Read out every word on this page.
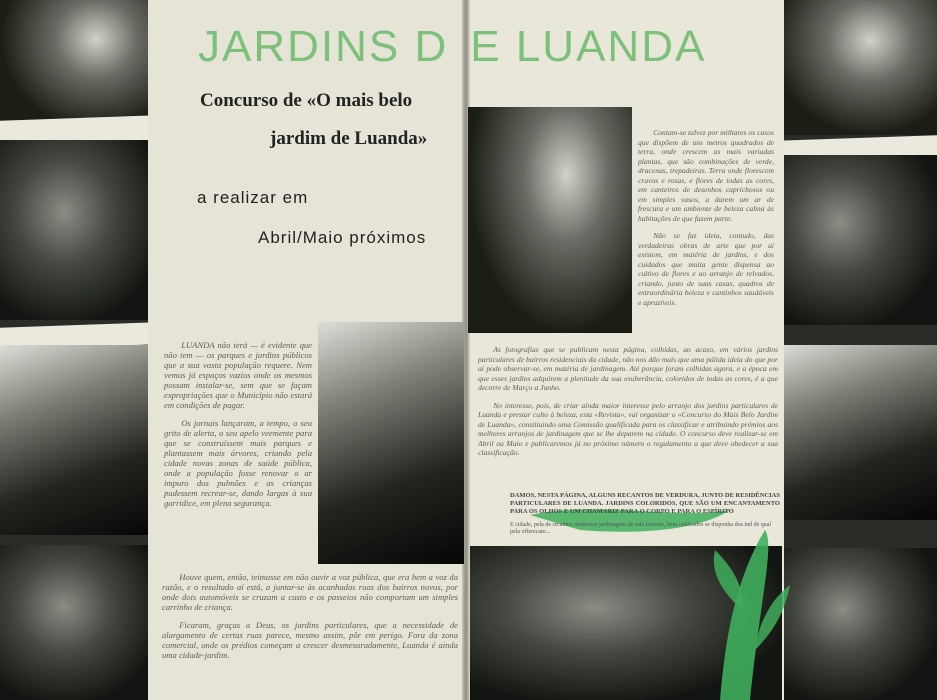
JARDINS D E LUANDA
Concurso de «O mais belo
jardim de Luanda»
a realizar em
Abril/Maio próximos

LUANDA não terá — é evidente que não tem — os parques e jardins públicos que a sua vasta população requere. Nem vemos já espaços vazios onde os mesmos possam instalar-se, sem que se façam expropriações que o Município não estará em condições de pagar.

Os jornais lançaram, a tempo, o seu grito de alerta, o seu apelo veemente para que se construíssem mais parques e plantassem mais árvores, criando pela cidade novas zonas de saúde pública, onde a população fosse renovar o ar impuro dos pulmões e as crianças pudessem recrear-se, dando largas à sua garridice, em plena segurança.

Houve quem, então, teimasse em não ouvir a voz pública, que era bem a voz da razão, e o resultado aí está, a juntar-se às acanhadas ruas dos bairros novos, por onde dois automóveis se cruzam a custo e os passeios não comportam um simples carrinho de criança.

Ficaram, graças a Deus, os jardins particulares, que a necessidade de alargamento de certas ruas parece, mesmo assim, pôr em perigo. Fora da zona comercial, onde os prédios começam a crescer desmesuradamente, Luanda é ainda uma cidade-jardim.

Contam-se talvez por milhares os casos que dispõem de uns metros quadrados de terra, onde crescem as mais variadas plantas, que são combinações de verde, dracenas, trepadeiras. Terra onde florescem cravos e rosas, e flores de todas as cores, em canteiros de desenhos caprichosos ou em simples vasos, a darem um ar de frescura e um ambiente de beleza calma às habitações de que fazem parte.

Não se faz ideia, contudo, das verdadeiras obras de arte que por aí existem, em matéria de jardins, e dos cuidados que muita gente dispensa ao cultivo de flores e ao arranjo de relvados, criando, junto de suas casas, quadros de extraordinária beleza e cantinhos saudáveis e aprazíveis.

As fotografias que se publicam nesta página, colhidas, ao acaso, em vários jardins particulares de bairros residenciais da cidade, não nos dão mais que uma pálida ideia do que por aí pode observar-se, em matéria de jardinagem. Até porque foram colhidas agora, e a época em que esses jardins adquirem a plenitude da sua exuberância, coloridos de todas as cores, é a que decorre de Março a Junho.

No interesse, pois, de criar ainda maior interesse pelo arranjo dos jardins particulares de Luanda e prestar culto à beleza, esta «Revista», vai organizar o «Concurso do Mais Belo Jardim de Luanda», constituindo uma Comissão qualificada para os classificar e atribuindo prémios aos melhores arranjos de jardinagem que se lhe deparem na cidade. O concurso deve realizar-se em Abril ou Maio e publicaremos já no próximo número o regulamento a que deve obedecer a sua classificação.

DAMOS, NESTA PÁGINA, ALGUNS RECANTOS DE VERDURA, JUNTO DE RESIDÊNCIAS PARTICULARES DE LUANDA. JARDINS COLORIDOS, QUE SÃO UM ENCANTAMENTO PARA OS OLHOS E UM CHAMARIZ PARA O CORPO E PARA O ESPÍRITO
E cidade, pela de recantos modernos jardinagem de sala ilumine, bem cultivados se disponha dos ind de qual pela offerecam...
